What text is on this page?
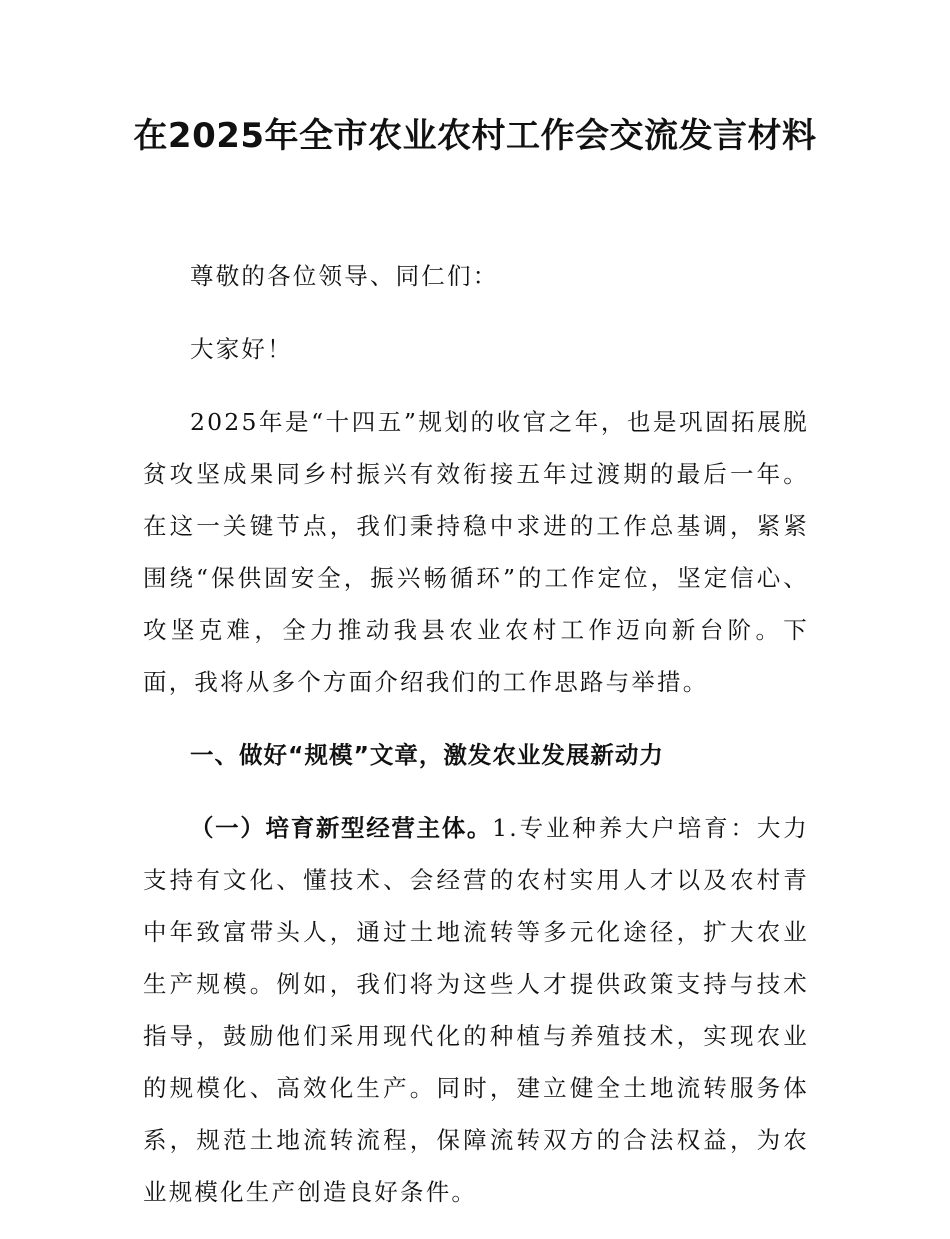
在2025年全市农业农村工作会交流发言材料

尊敬的各位领导、同仁们：

大家好！

2025年是“十四五”规划的收官之年，也是巩固拓展脱贫攻坚成果同乡村振兴有效衔接五年过渡期的最后一年。在这一关键节点，我们秉持稳中求进的工作总基调，紧紧围绕“保供固安全，振兴畅循环”的工作定位，坚定信心、攻坚克难，全力推动我县农业农村工作迈向新台阶。下面，我将从多个方面介绍我们的工作思路与举措。

一、做好“规模”文章，激发农业发展新动力

（一）培育新型经营主体。1.专业种养大户培育：大力支持有文化、懂技术、会经营的农村实用人才以及农村青中年致富带头人，通过土地流转等多元化途径，扩大农业生产规模。例如，我们将为这些人才提供政策支持与技术指导，鼓励他们采用现代化的种植与养殖技术，实现农业的规模化、高效化生产。同时，建立健全土地流转服务体系，规范土地流转流程，保障流转双方的合法权益，为农业规模化生产创造良好条件。
